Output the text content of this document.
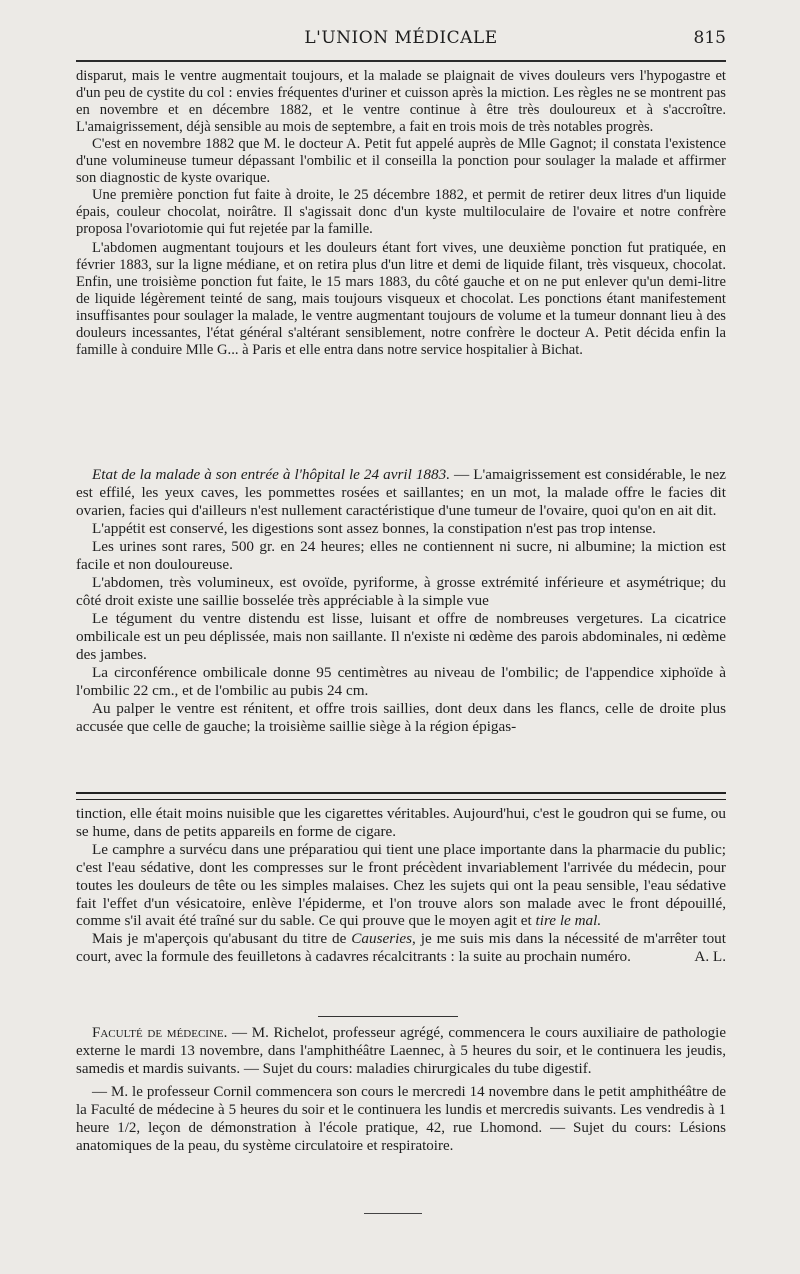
L'UNION MÉDICALE	815

disparut, mais le ventre augmentait toujours, et la malade se plaignait de vives douleurs vers l'hypogastre et d'un peu de cystite du col : envies fréquentes d'uriner et cuisson après la miction. Les règles ne se montrent pas en novembre et en décembre 1882, et le ventre continue à être très douloureux et à s'accroître. L'amaigrissement, déjà sensible au mois de septembre, a fait en trois mois de très notables progrès.

C'est en novembre 1882 que M. le docteur A. Petit fut appelé auprès de Mlle Gagnot; il constata l'existence d'une volumineuse tumeur dépassant l'ombilic et il conseilla la ponction pour soulager la malade et affirmer son diagnostic de kyste ovarique.

Une première ponction fut faite à droite, le 25 décembre 1882, et permit de retirer deux litres d'un liquide épais, couleur chocolat, noirâtre. Il s'agissait donc d'un kyste multiloculaire de l'ovaire et notre confrère proposa l'ovariotomie qui fut rejetée par la famille.

L'abdomen augmentant toujours et les douleurs étant fort vives, une deuxième ponction fut pratiquée, en février 1883, sur la ligne médiane, et on retira plus d'un litre et demi de liquide filant, très visqueux, chocolat. Enfin, une troisième ponction fut faite, le 15 mars 1883, du côté gauche et on ne put enlever qu'un demi-litre de liquide légèrement teinté de sang, mais toujours visqueux et chocolat. Les ponctions étant manifestement insuffisantes pour soulager la malade, le ventre augmentant toujours de volume et la tumeur donnant lieu à des douleurs incessantes, l'état général s'altérant sensiblement, notre confrère le docteur A. Petit décida enfin la famille à conduire Mlle G... à Paris et elle entra dans notre service hospitalier à Bichat.

Etat de la malade à son entrée à l'hôpital le 24 avril 1883. — L'amaigrissement est considérable, le nez est effilé, les yeux caves, les pommettes rosées et saillantes; en un mot, la malade offre le facies dit ovarien, facies qui d'ailleurs n'est nullement caractéristique d'une tumeur de l'ovaire, quoi qu'on en ait dit.

L'appétit est conservé, les digestions sont assez bonnes, la constipation n'est pas trop intense.

Les urines sont rares, 500 gr. en 24 heures; elles ne contiennent ni sucre, ni albumine; la miction est facile et non douloureuse.

L'abdomen, très volumineux, est ovoïde, pyriforme, à grosse extrémité inférieure et asymétrique; du côté droit existe une saillie bosselée très appréciable à la simple vue

Le tégument du ventre distendu est lisse, luisant et offre de nombreuses vergetures. La cicatrice ombilicale est un peu déplissée, mais non saillante. Il n'existe ni œdème des parois abdominales, ni œdème des jambes.

La circonférence ombilicale donne 95 centimètres au niveau de l'ombilic; de l'appendice xiphoïde à l'ombilic 22 cm., et de l'ombilic au pubis 24 cm.

Au palper le ventre est rénitent, et offre trois saillies, dont deux dans les flancs, celle de droite plus accusée que celle de gauche; la troisième saillie siège à la région épigas-

tinction, elle était moins nuisible que les cigarettes véritables. Aujourd'hui, c'est le goudron qui se fume, ou se hume, dans de petits appareils en forme de cigare.

Le camphre a survécu dans une préparatiou qui tient une place importante dans la pharmacie du public; c'est l'eau sédative, dont les compresses sur le front précèdent invariablement l'arrivée du médecin, pour toutes les douleurs de tête ou les simples malaises. Chez les sujets qui ont la peau sensible, l'eau sédative fait l'effet d'un vésicatoire, enlève l'épiderme, et l'on trouve alors son malade avec le front dépouillé, comme s'il avait été traîné sur du sable. Ce qui prouve que le moyen agit et tire le mal.

Mais je m'aperçois qu'abusant du titre de Causeries, je me suis mis dans la nécessité de m'arrêter tout court, avec la formule des feuilletons à cadavres récalcitrants : la suite au prochain numéro.	A. L.

Faculté de médecine. — M. Richelot, professeur agrégé, commencera le cours auxiliaire de pathologie externe le mardi 13 novembre, dans l'amphithéâtre Laennec, à 5 heures du soir, et le continuera les jeudis, samedis et mardis suivants. — Sujet du cours: maladies chirurgicales du tube digestif.

— M. le professeur Cornil commencera son cours le mercredi 14 novembre dans le petit amphithéâtre de la Faculté de médecine à 5 heures du soir et le continuera les lundis et mercredis suivants. Les vendredis à 1 heure 1/2, leçon de démonstration à l'école pratique, 42, rue Lhomond. — Sujet du cours: Lésions anatomiques de la peau, du système circulatoire et respiratoire.
